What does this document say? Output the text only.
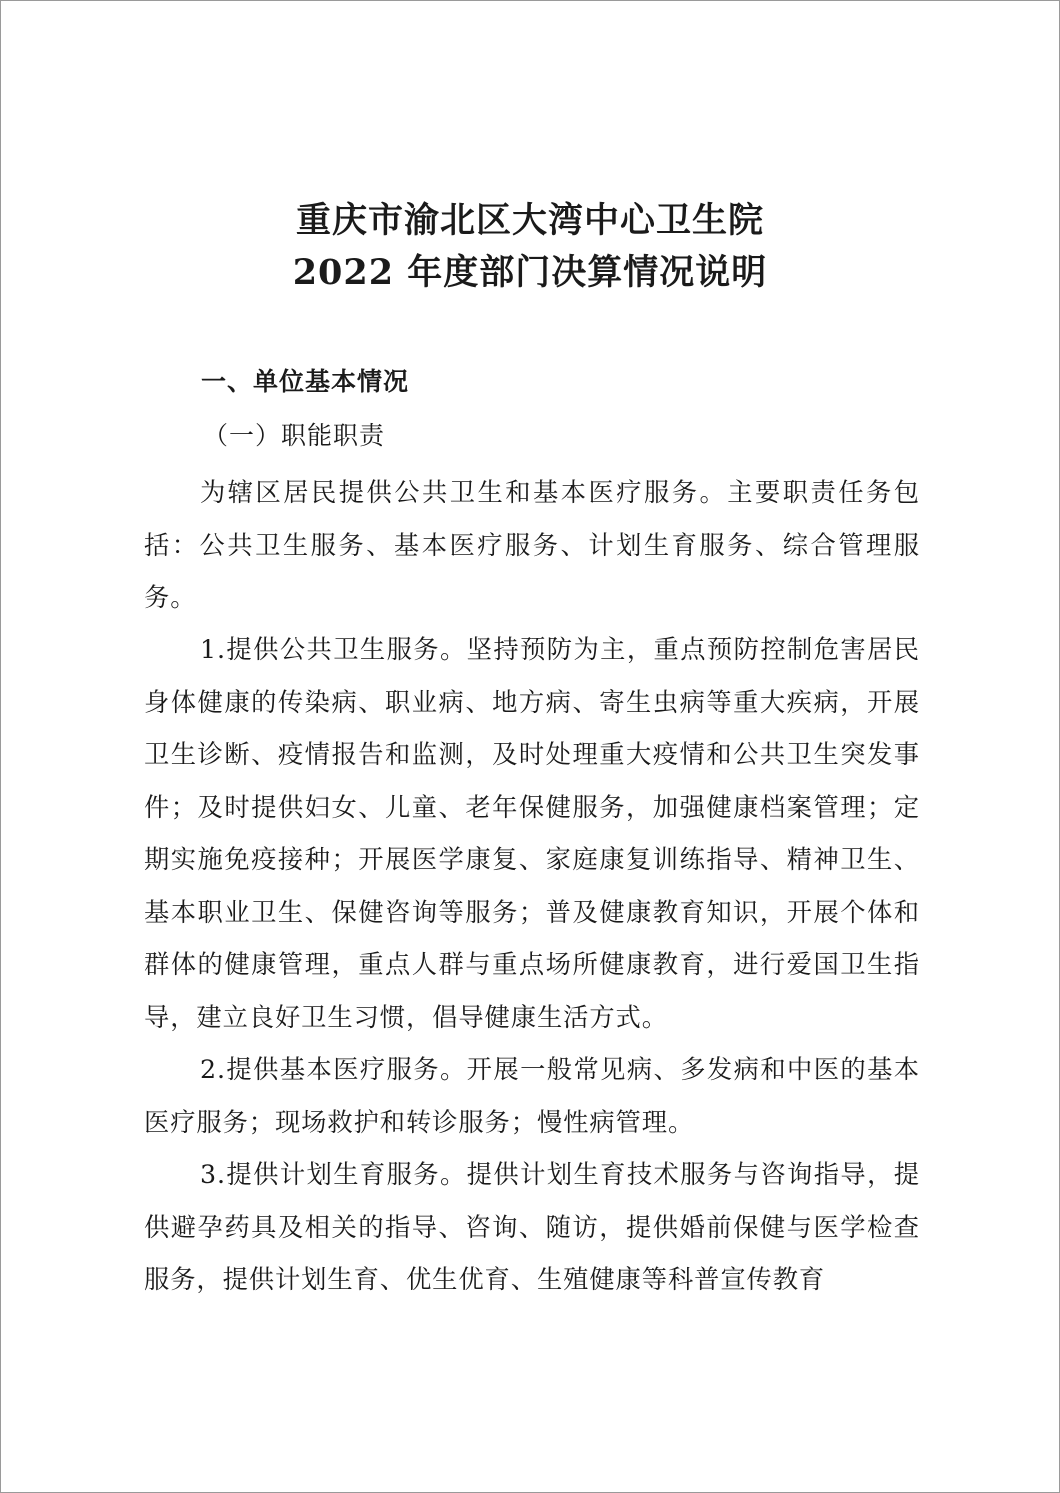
重庆市渝北区大湾中心卫生院
2022 年度部门决算情况说明
一、单位基本情况
（一）职能职责

为辖区居民提供公共卫生和基本医疗服务。主要职责任务包括：公共卫生服务、基本医疗服务、计划生育服务、综合管理服务。

1.提供公共卫生服务。坚持预防为主，重点预防控制危害居民身体健康的传染病、职业病、地方病、寄生虫病等重大疾病，开展卫生诊断、疫情报告和监测，及时处理重大疫情和公共卫生突发事件；及时提供妇女、儿童、老年保健服务，加强健康档案管理；定期实施免疫接种；开展医学康复、家庭康复训练指导、精神卫生、基本职业卫生、保健咨询等服务；普及健康教育知识，开展个体和群体的健康管理，重点人群与重点场所健康教育，进行爱国卫生指导，建立良好卫生习惯，倡导健康生活方式。

2.提供基本医疗服务。开展一般常见病、多发病和中医的基本医疗服务；现场救护和转诊服务；慢性病管理。

3.提供计划生育服务。提供计划生育技术服务与咨询指导，提供避孕药具及相关的指导、咨询、随访，提供婚前保健与医学检查服务，提供计划生育、优生优育、生殖健康等科普宣传教育
